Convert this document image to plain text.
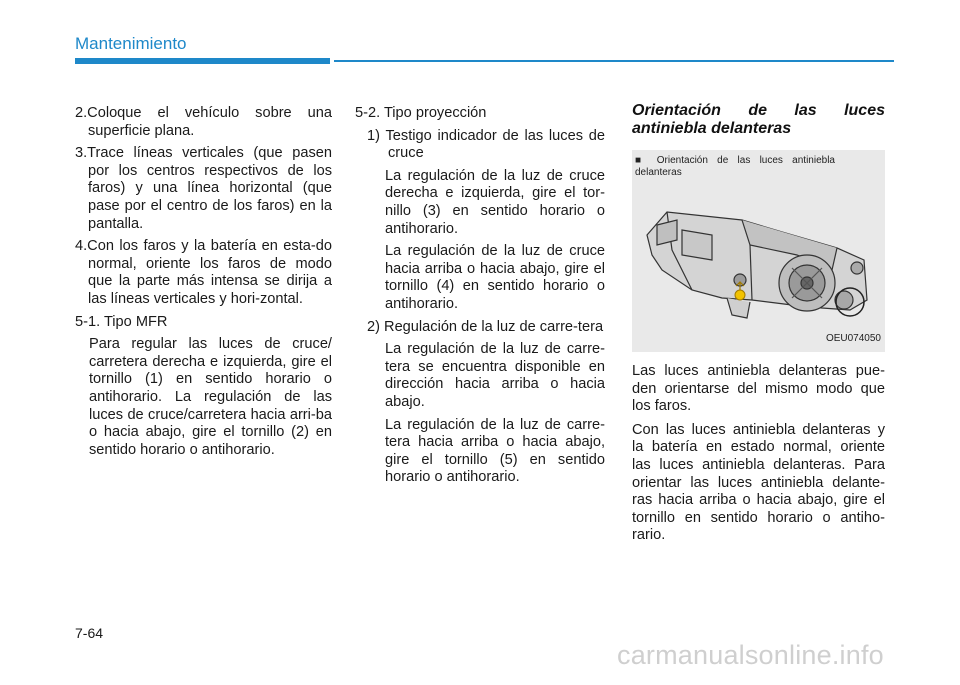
Mantenimiento

2.Coloque el vehículo sobre una superficie plana.

3.Trace líneas verticales (que pasen por los centros respectivos de los faros) y una línea horizontal (que pase por el centro de los faros) en la pantalla.

4.Con los faros y la batería en esta-do normal, oriente los faros de modo que la parte más intensa se dirija a las líneas verticales y hori-zontal.

5-1. Tipo MFR

Para regular las luces de cruce/ carretera derecha e izquierda, gire el tornillo (1) en sentido horario o antihorario. La regulación de las luces de cruce/carretera hacia arri-ba o hacia abajo, gire el tornillo (2) en sentido horario o antihorario.

5-2. Tipo proyección

1) Testigo indicador de las luces de cruce

La regulación de la luz de cruce derecha e izquierda, gire el tor-nillo (3) en sentido horario o antihorario.

La regulación de la luz de cruce hacia arriba o hacia abajo, gire el tornillo (4) en sentido horario o antihorario.

2) Regulación de la luz de carre-tera

La regulación de la luz de carre-tera se encuentra disponible en dirección hacia arriba o hacia abajo.

La regulación de la luz de carre-tera hacia arriba o hacia abajo, gire el tornillo (5) en sentido horario o antihorario.

Orientación de las luces antiniebla delanteras
■ Orientación de las luces antiniebla delanteras
OEU074050

Las luces antiniebla delanteras pue-den orientarse del mismo modo que los faros.

Con las luces antiniebla delanteras y la batería en estado normal, oriente las luces antiniebla delanteras. Para orientar las luces antiniebla delante-ras hacia arriba o hacia abajo, gire el tornillo en sentido horario o antiho-rario.

7-64
carmanualsonline.info
